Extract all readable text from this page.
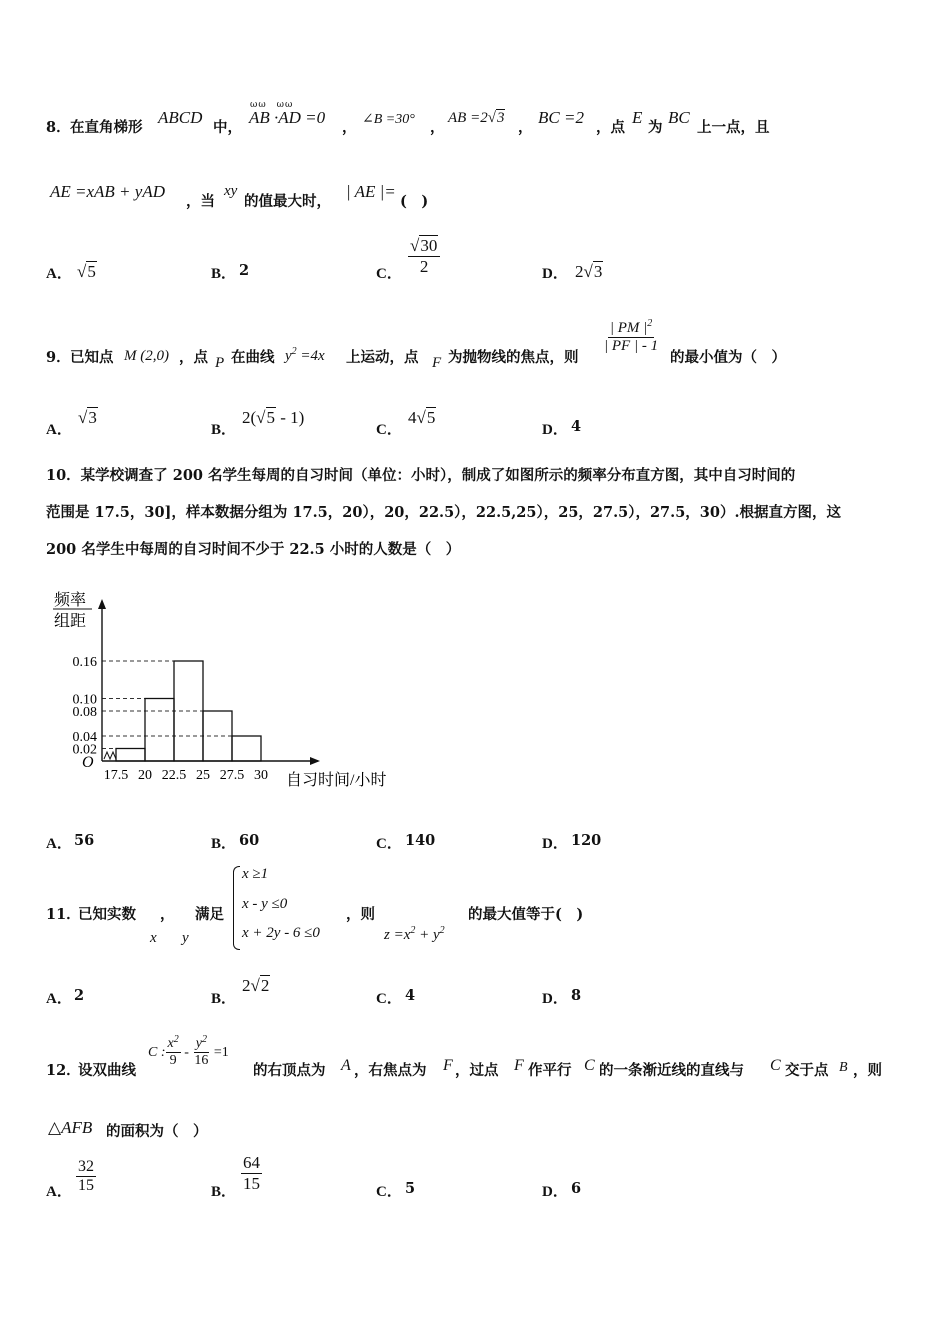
8． 在直角梯形
ABCD
中，
ωω　ωω
AB ·AD =0
， ∠B =30° ，
AB =2√3
，
BC =2
，点
E
为
BC
上一点，且
AE =xAB + yAD
，当
xy
的值最大时，
| AE |=
(　)
A． √5	B． 2	C． $\frac{√30}{2}$	D． 2√3
9． 已知点 M (2,0) ，点 P 在曲线 $y^2 =4x$ 上运动，点 F 为抛物线的焦点，则
$\frac{| PM |^2}{| PF | - 1}$
的最小值为（　）
A．
√3
B．
2(√5 - 1)
C．
4√5
D． 4
10．某学校调查了 200 名学生每周的自习时间（单位：小时），制成了如图所示的频率分布直方图，其中自习时间的
范围是 17.5，30]，样本数据分组为 17.5，20），20，22.5），22.5,25），25，27.5），27.5，30）.根据直方图，这
200 名学生中每周的自习时间不少于 22.5 小时的人数是（　）
0.16
0.10
0.08
0.04
0.02
17.5 20 22.5 25 27.5 30
O
频率
组距
自习时间/小时
A． 56	B． 60	C． 140	D． 120
11．
已知实数 ， 满足
x y
x ≥1
x - y ≤0
x + 2y - 6 ≤0
，则
$z =x^2 + y^2$
的最大值等于(　)
A． 2	B．
2√2
C． 4	D． 8
12．
设双曲线
C : $\frac{x^2}{9} - \frac{y^2}{16} =1$
的右顶点为 A ，右焦点为 F ，过点 F 作平行 C 的一条渐近线的直线与 C 交于点 B ，则
△AFB 的面积为（　）
A． $\frac{32}{15}$	B． $\frac{64}{15}$	C． 5	D． 6
